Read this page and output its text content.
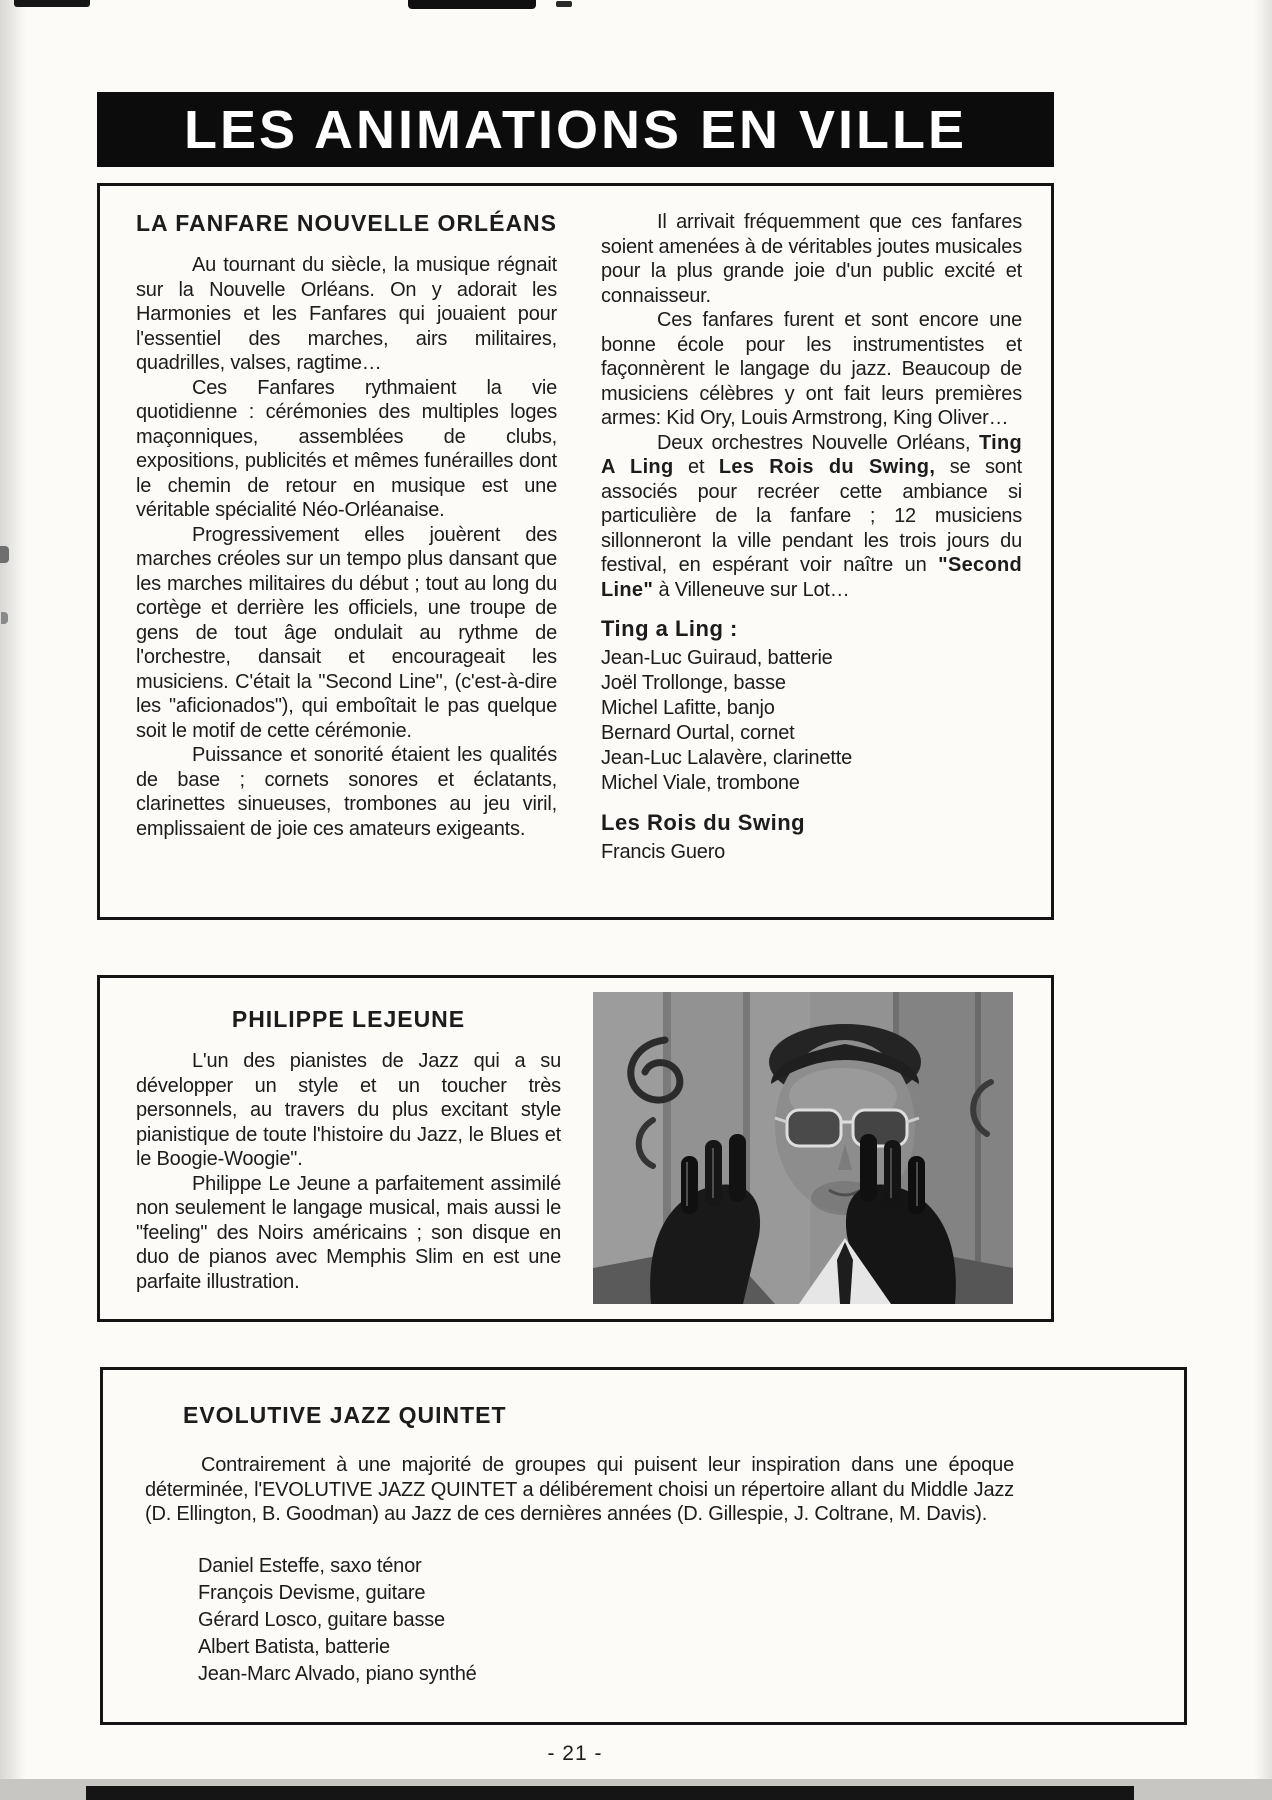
LES ANIMATIONS EN VILLE
LA FANFARE NOUVELLE ORLÉANS

Au tournant du siècle, la musique régnait sur la Nouvelle Orléans. On y adorait les Harmonies et les Fanfares qui jouaient pour l'essentiel des marches, airs militaires, quadrilles, valses, ragtime…

Ces Fanfares rythmaient la vie quotidienne : cérémonies des multiples loges maçonniques, assemblées de clubs, expositions, publicités et mêmes funérailles dont le chemin de retour en musique est une véritable spécialité Néo-Orléanaise.

Progressivement elles jouèrent des marches créoles sur un tempo plus dansant que les marches militaires du début ; tout au long du cortège et derrière les officiels, une troupe de gens de tout âge ondulait au rythme de l'orchestre, dansait et encourageait les musiciens. C'était la "Second Line", (c'est-à-dire les "aficionados"), qui emboîtait le pas quelque soit le motif de cette cérémonie.

Puissance et sonorité étaient les qualités de base ; cornets sonores et éclatants, clarinettes sinueuses, trombones au jeu viril, emplissaient de joie ces amateurs exigeants.

Il arrivait fréquemment que ces fanfares soient amenées à de véritables joutes musicales pour la plus grande joie d'un public excité et connaisseur.

Ces fanfares furent et sont encore une bonne école pour les instrumentistes et façonnèrent le langage du jazz. Beaucoup de musiciens célèbres y ont fait leurs premières armes: Kid Ory, Louis Armstrong, King Oliver…

Deux orchestres Nouvelle Orléans, Ting A Ling et Les Rois du Swing, se sont associés pour recréer cette ambiance si particulière de la fanfare ; 12 musiciens sillonneront la ville pendant les trois jours du festival, en espérant voir naître un "Second Line" à Villeneuve sur Lot…

Ting a Ling :
Jean-Luc Guiraud, batterie
Joël Trollonge, basse
Michel Lafitte, banjo
Bernard Ourtal, cornet
Jean-Luc Lalavère, clarinette
Michel Viale, trombone
Les Rois du Swing
Francis Guero
PHILIPPE LEJEUNE

L'un des pianistes de Jazz qui a su développer un style et un toucher très personnels, au travers du plus excitant style pianistique de toute l'histoire du Jazz, le Blues et le Boogie-Woogie".

Philippe Le Jeune a parfaitement assimilé non seulement le langage musical, mais aussi le "feeling" des Noirs américains ; son disque en duo de pianos avec Memphis Slim en est une parfaite illustration.

EVOLUTIVE JAZZ QUINTET

Contrairement à une majorité de groupes qui puisent leur inspiration dans une époque déterminée, l'EVOLUTIVE JAZZ QUINTET a délibérement choisi un répertoire allant du Middle Jazz (D. Ellington, B. Goodman) au Jazz de ces dernières années (D. Gillespie, J. Coltrane, M. Davis).

Daniel Esteffe, saxo ténor
François Devisme, guitare
Gérard Losco, guitare basse
Albert Batista, batterie
Jean-Marc Alvado, piano synthé
- 21 -
